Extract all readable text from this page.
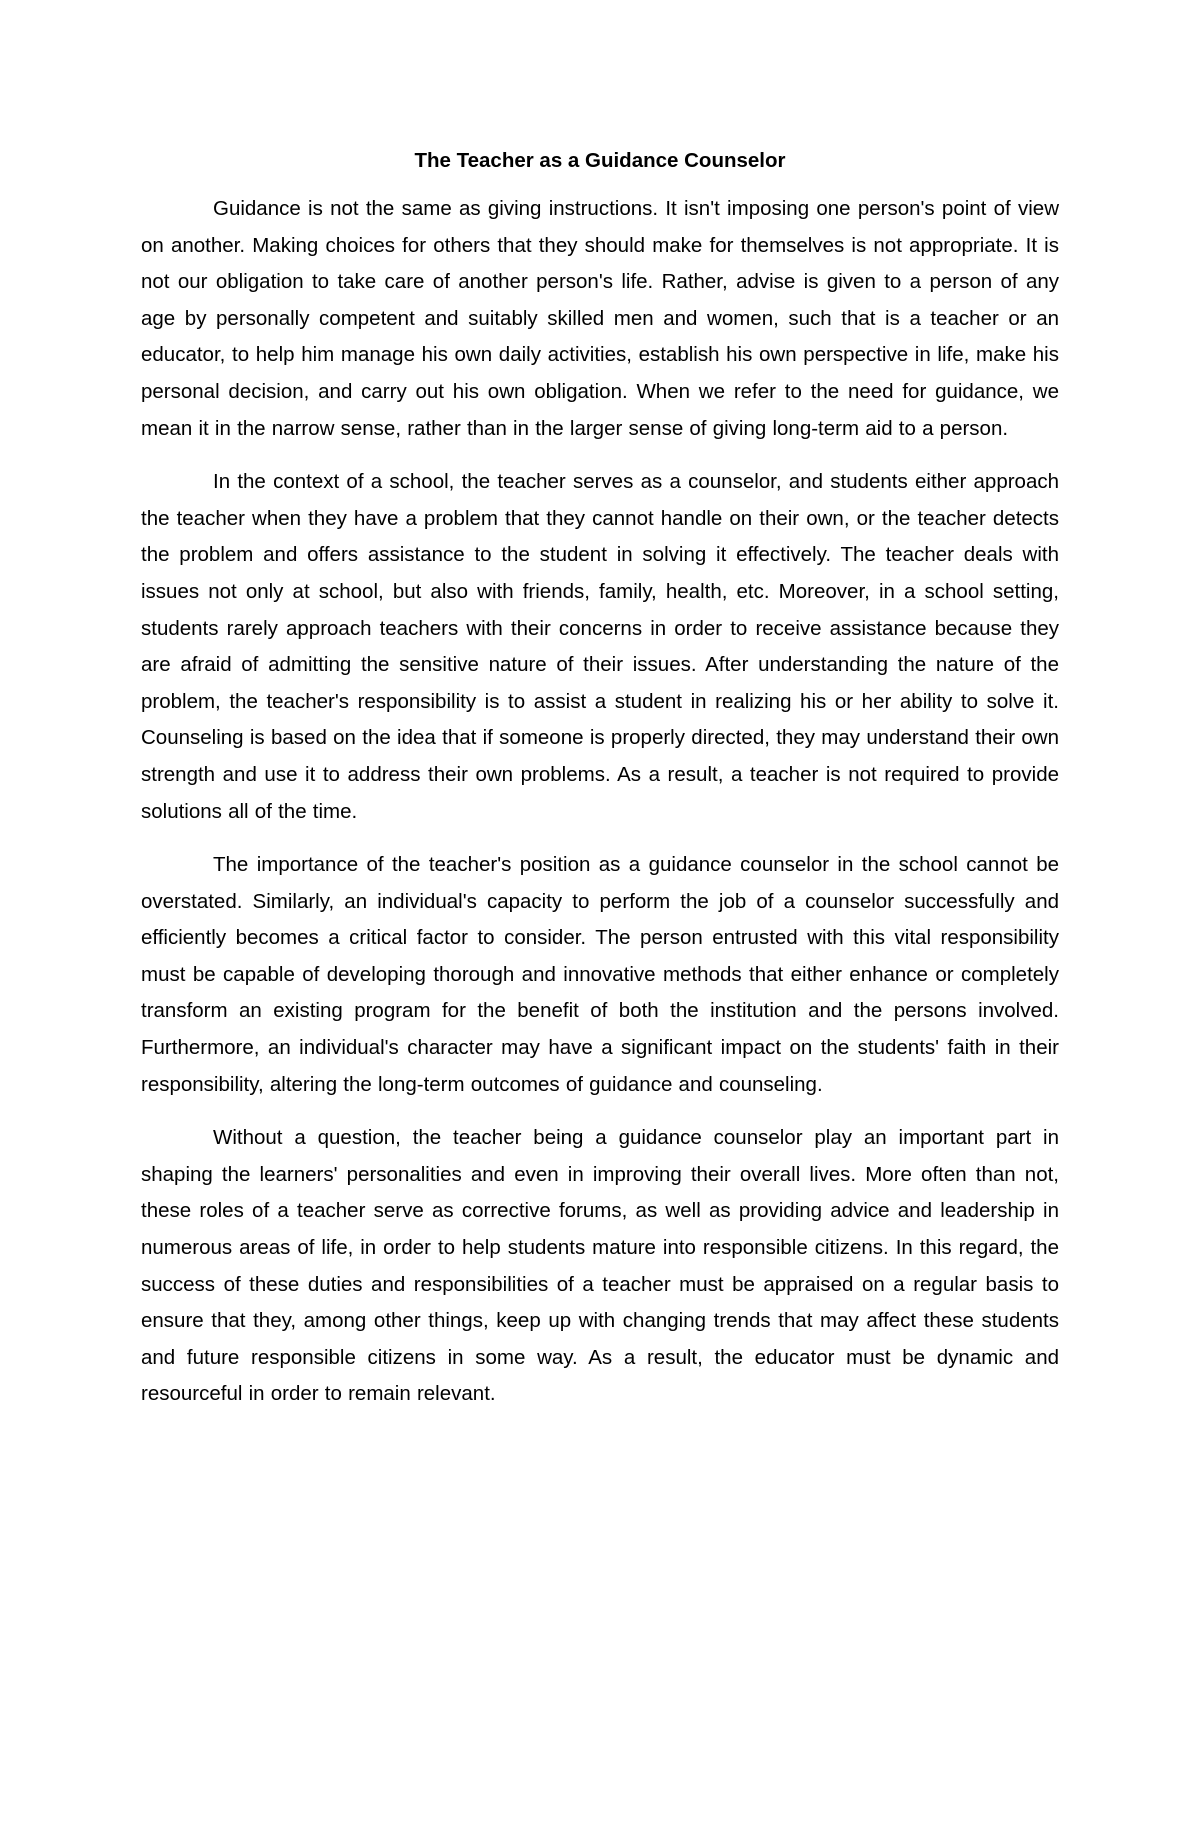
The Teacher as a Guidance Counselor

Guidance is not the same as giving instructions. It isn't imposing one person's point of view on another. Making choices for others that they should make for themselves is not appropriate. It is not our obligation to take care of another person's life. Rather, advise is given to a person of any age by personally competent and suitably skilled men and women, such that is a teacher or an educator, to help him manage his own daily activities, establish his own perspective in life, make his personal decision, and carry out his own obligation. When we refer to the need for guidance, we mean it in the narrow sense, rather than in the larger sense of giving long-term aid to a person.

In the context of a school, the teacher serves as a counselor, and students either approach the teacher when they have a problem that they cannot handle on their own, or the teacher detects the problem and offers assistance to the student in solving it effectively. The teacher deals with issues not only at school, but also with friends, family, health, etc. Moreover, in a school setting, students rarely approach teachers with their concerns in order to receive assistance because they are afraid of admitting the sensitive nature of their issues. After understanding the nature of the problem, the teacher's responsibility is to assist a student in realizing his or her ability to solve it. Counseling is based on the idea that if someone is properly directed, they may understand their own strength and use it to address their own problems. As a result, a teacher is not required to provide solutions all of the time.

The importance of the teacher's position as a guidance counselor in the school cannot be overstated. Similarly, an individual's capacity to perform the job of a counselor successfully and efficiently becomes a critical factor to consider. The person entrusted with this vital responsibility must be capable of developing thorough and innovative methods that either enhance or completely transform an existing program for the benefit of both the institution and the persons involved. Furthermore, an individual's character may have a significant impact on the students' faith in their responsibility, altering the long-term outcomes of guidance and counseling.

Without a question, the teacher being a guidance counselor play an important part in shaping the learners' personalities and even in improving their overall lives. More often than not, these roles of a teacher serve as corrective forums, as well as providing advice and leadership in numerous areas of life, in order to help students mature into responsible citizens. In this regard, the success of these duties and responsibilities of a teacher must be appraised on a regular basis to ensure that they, among other things, keep up with changing trends that may affect these students and future responsible citizens in some way. As a result, the educator must be dynamic and resourceful in order to remain relevant.
